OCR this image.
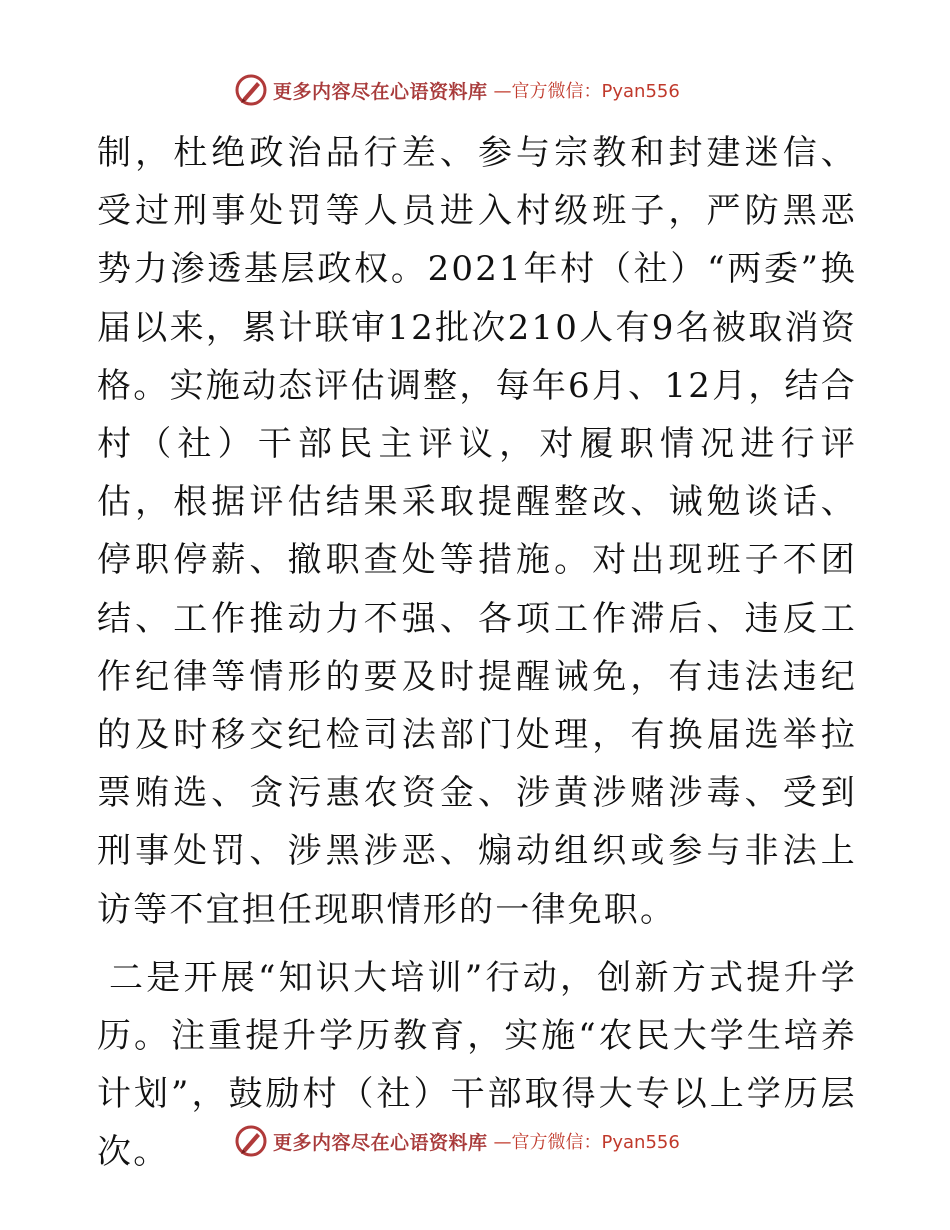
更多内容尽在心语资料库 —官方微信：Pyan556

制，杜绝政治品行差、参与宗教和封建迷信、受过刑事处罚等人员进入村级班子，严防黑恶势力渗透基层政权。2021年村（社）“两委”换届以来，累计联审12批次210人有9名被取消资格。实施动态评估调整，每年6月、12月，结合村（社）干部民主评议，对履职情况进行评估，根据评估结果采取提醒整改、诫勉谈话、停职停薪、撤职查处等措施。对出现班子不团结、工作推动力不强、各项工作滞后、违反工作纪律等情形的要及时提醒诫免，有违法违纪的及时移交纪检司法部门处理，有换届选举拉票贿选、贪污惠农资金、涉黄涉赌涉毒、受到刑事处罚、涉黑涉恶、煽动组织或参与非法上访等不宜担任现职情形的一律免职。

二是开展“知识大培训”行动，创新方式提升学历。注重提升学历教育，实施“农民大学生培养计划”，鼓励村（社）干部取得大专以上学历层次。	更多内容尽在心语资料库 —官方微信：Pyan556
